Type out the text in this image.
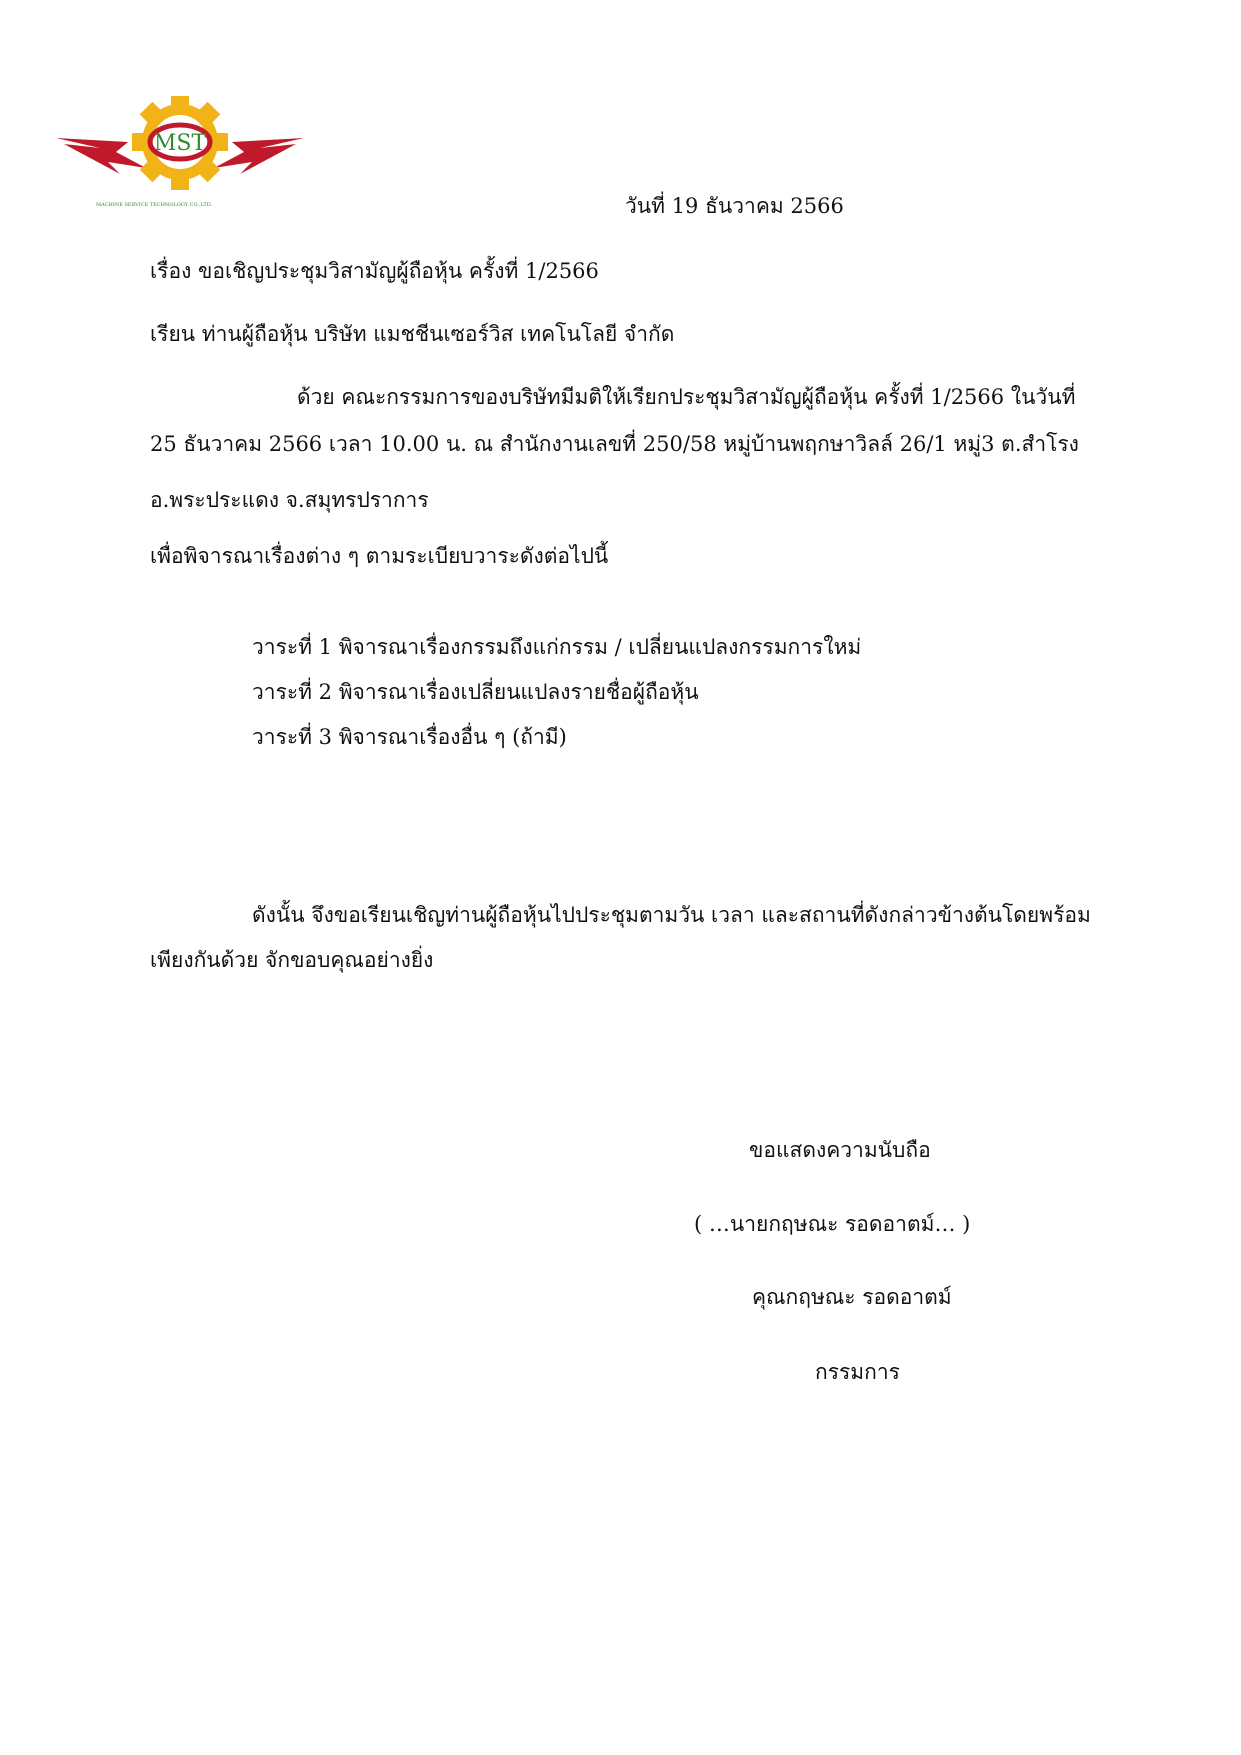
MST
MACHINE SERVICE TECHNOLOGY CO.,LTD.	วันที่ 19 ธันวาคม 2566
เรื่อง ขอเชิญประชุมวิสามัญผู้ถือหุ้น ครั้งที่ 1/2566
เรียน ท่านผู้ถือหุ้น บริษัท แมชชีนเซอร์วิส เทคโนโลยี จำกัด
ด้วย คณะกรรมการของบริษัทมีมติให้เรียกประชุมวิสามัญผู้ถือหุ้น ครั้งที่ 1/2566 ในวันที่
25 ธันวาคม 2566 เวลา 10.00 น. ณ สำนักงานเลขที่ 250/58 หมู่บ้านพฤกษาวิลล์ 26/1 หมู่3 ต.สำโรง
อ.พระประแดง จ.สมุทรปราการ
เพื่อพิจารณาเรื่องต่าง ๆ ตามระเบียบวาระดังต่อไปนี้
วาระที่ 1 พิจารณาเรื่องกรรมถึงแก่กรรม / เปลี่ยนแปลงกรรมการใหม่
วาระที่ 2 พิจารณาเรื่องเปลี่ยนแปลงรายชื่อผู้ถือหุ้น
วาระที่ 3 พิจารณาเรื่องอื่น ๆ (ถ้ามี)
ดังนั้น จึงขอเรียนเชิญท่านผู้ถือหุ้นไปประชุมตามวัน เวลา และสถานที่ดังกล่าวข้างต้นโดยพร้อม
เพียงกันด้วย จักขอบคุณอย่างยิ่ง
ขอแสดงความนับถือ
( …นายกฤษณะ รอดอาตม์… )
คุณกฤษณะ รอดอาตม์
กรรมการ
